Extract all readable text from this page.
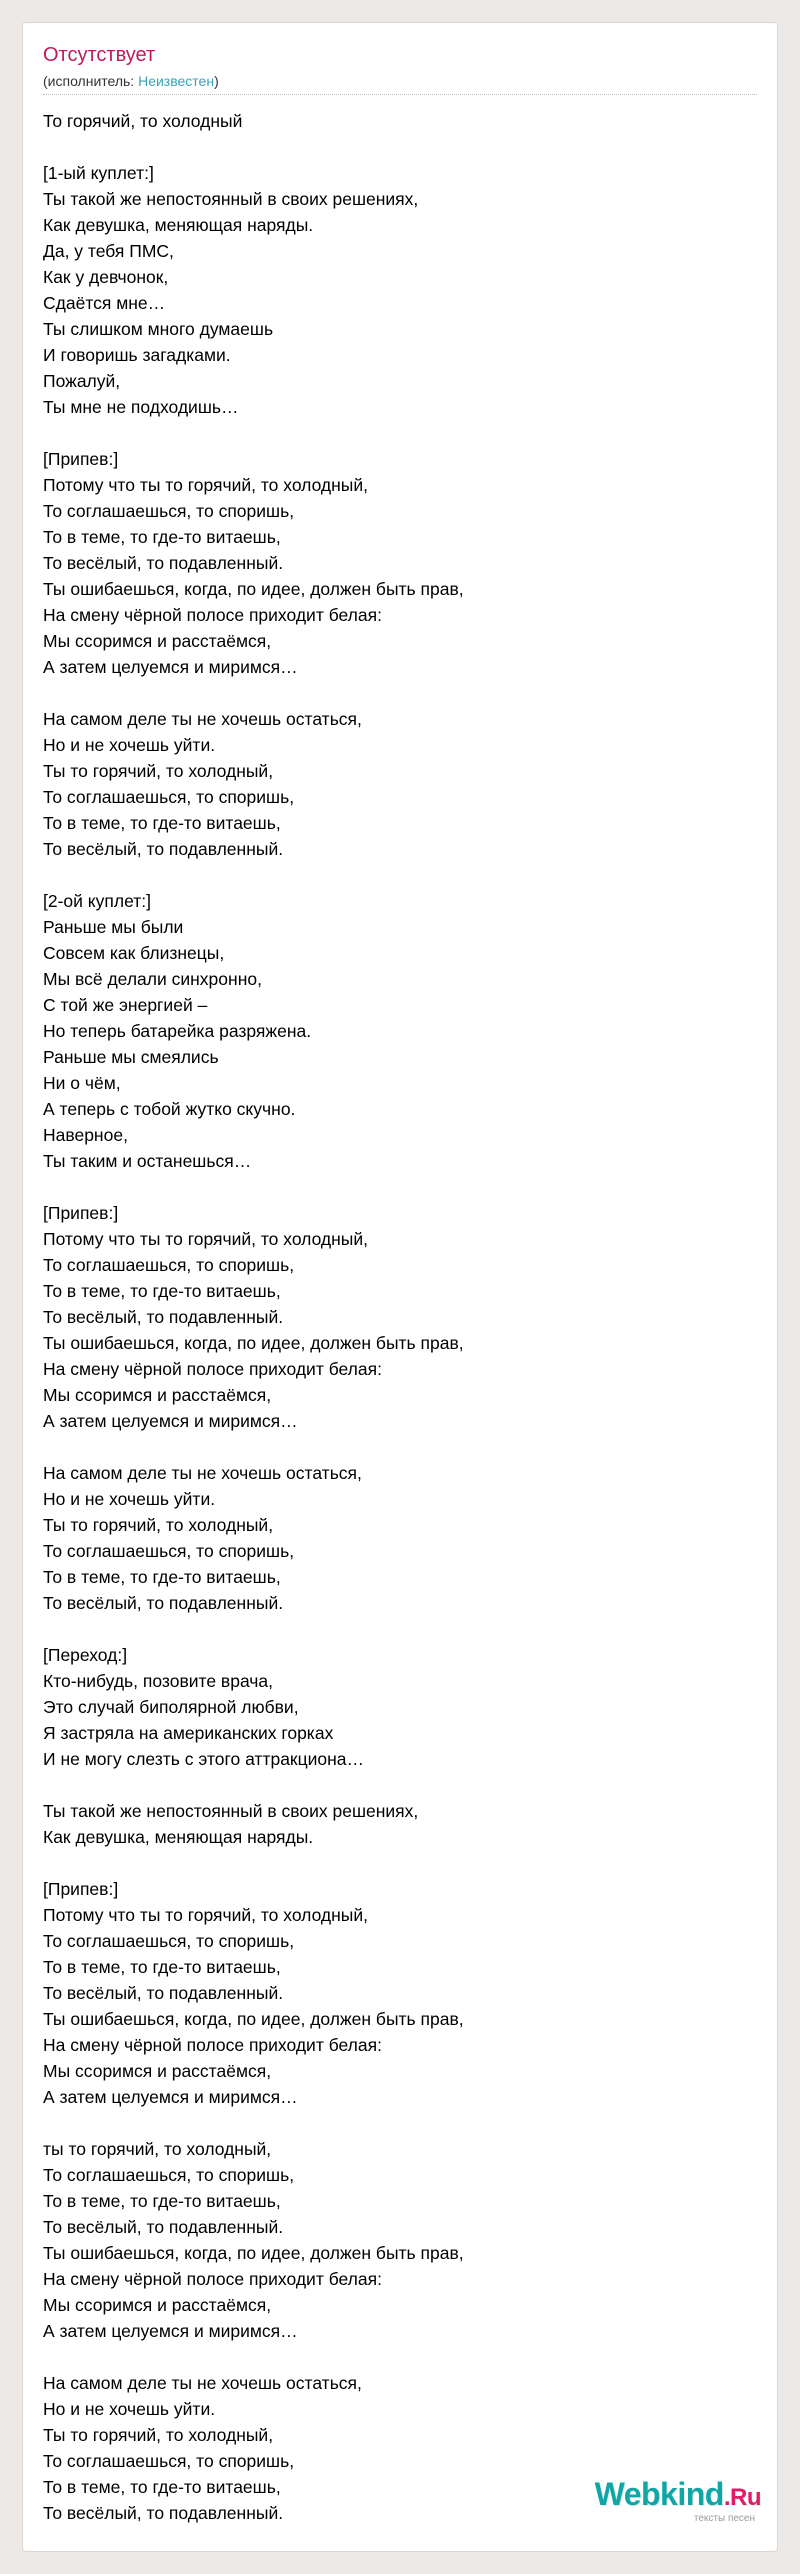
Отсутствует
(исполнитель: Неизвестен)
То горячий, то холодный
[1-ый куплет:]
Ты такой же непостоянный в своих решениях,
Как девушка, меняющая наряды.
Да, у тебя ПМС,
Как у девчонок,
Сдаётся мне…
Ты слишком много думаешь
И говоришь загадками.
Пожалуй,
Ты мне не подходишь…
[Припев:]
Потому что ты то горячий, то холодный,
То соглашаешься, то споришь,
То в теме, то где-то витаешь,
То весёлый, то подавленный.
Ты ошибаешься, когда, по идее, должен быть прав,
На смену чёрной полосе приходит белая:
Мы ссоримся и расстаёмся,
А затем целуемся и миримся…
На самом деле ты не хочешь остаться,
Но и не хочешь уйти.
Ты то горячий, то холодный,
То соглашаешься, то споришь,
То в теме, то где-то витаешь,
То весёлый, то подавленный.
[2-ой куплет:]
Раньше мы были
Совсем как близнецы,
Мы всё делали синхронно,
С той же энергией –
Но теперь батарейка разряжена.
Раньше мы смеялись
Ни о чём,
А теперь с тобой жутко скучно.
Наверное,
Ты таким и останешься…
[Припев:]
Потому что ты то горячий, то холодный,
То соглашаешься, то споришь,
То в теме, то где-то витаешь,
То весёлый, то подавленный.
Ты ошибаешься, когда, по идее, должен быть прав,
На смену чёрной полосе приходит белая:
Мы ссоримся и расстаёмся,
А затем целуемся и миримся…
На самом деле ты не хочешь остаться,
Но и не хочешь уйти.
Ты то горячий, то холодный,
То соглашаешься, то споришь,
То в теме, то где-то витаешь,
То весёлый, то подавленный.
[Переход:]
Кто-нибудь, позовите врача,
Это случай биполярной любви,
Я застряла на американских горках
И не могу слезть с этого аттракциона…
Ты такой же непостоянный в своих решениях,
Как девушка, меняющая наряды.
[Припев:]
Потому что ты то горячий, то холодный,
То соглашаешься, то споришь,
То в теме, то где-то витаешь,
То весёлый, то подавленный.
Ты ошибаешься, когда, по идее, должен быть прав,
На смену чёрной полосе приходит белая:
Мы ссоримся и расстаёмся,
А затем целуемся и миримся…
ты то горячий, то холодный,
То соглашаешься, то споришь,
То в теме, то где-то витаешь,
То весёлый, то подавленный.
Ты ошибаешься, когда, по идее, должен быть прав,
На смену чёрной полосе приходит белая:
Мы ссоримся и расстаёмся,
А затем целуемся и миримся…
На самом деле ты не хочешь остаться,
Но и не хочешь уйти.
Ты то горячий, то холодный,
То соглашаешься, то споришь,
То в теме, то где-то витаешь,
То весёлый, то подавленный.
Webkind.Ru
тексты песен
